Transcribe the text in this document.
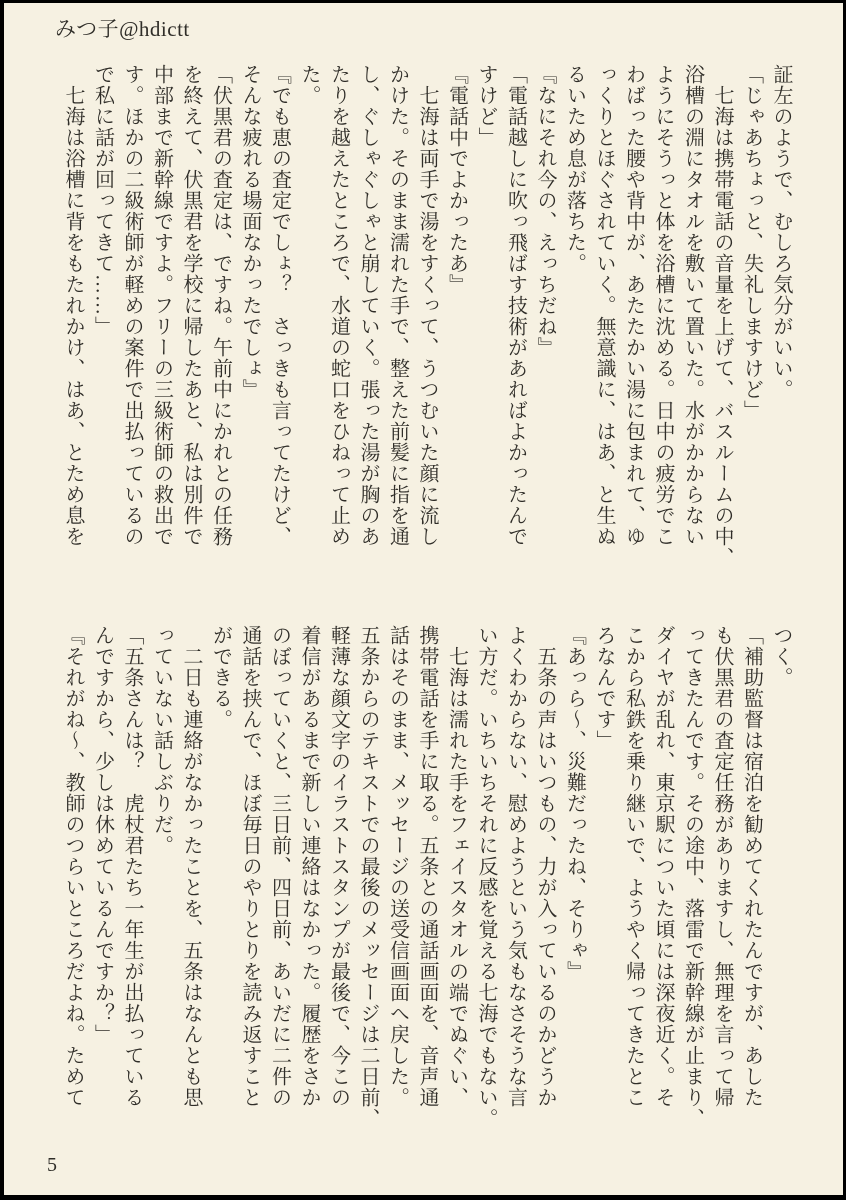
みつ子@hdictt
証左のようで、むしろ気分がいい。
「じゃあちょっと、失礼しますけど」
　七海は携帯電話の音量を上げて、バスルームの中、
浴槽の淵にタオルを敷いて置いた。水がかからない
ようにそうっと体を浴槽に沈める。日中の疲労でこ
わばった腰や背中が、あたたかい湯に包まれて、ゆ
っくりとほぐされていく。無意識に、はあ、と生ぬ
るいため息が落ちた。
『なにそれ今の、えっちだね』
「電話越しに吹っ飛ばす技術があればよかったんで
すけど」
『電話中でよかったあ』
　七海は両手で湯をすくって、うつむいた顔に流し
かけた。そのまま濡れた手で、整えた前髪に指を通
し、ぐしゃぐしゃと崩していく。張った湯が胸のあ
たりを越えたところで、水道の蛇口をひねって止め
た。
『でも恵の査定でしょ？　さっきも言ってたけど、
そんな疲れる場面なかったでしょ』
「伏黒君の査定は、ですね。午前中にかれとの任務
を終えて、伏黒君を学校に帰したあと、私は別件で
中部まで新幹線ですよ。フリーの三級術師の救出で
す。ほかの二級術師が軽めの案件で出払っているの
で私に話が回ってきて……」
　七海は浴槽に背をもたれかけ、はあ、とため息を
つく。
「補助監督は宿泊を勧めてくれたんですが、あした
も伏黒君の査定任務がありますし、無理を言って帰
ってきたんです。その途中、落雷で新幹線が止まり、
ダイヤが乱れ、東京駅についた頃には深夜近く。そ
こから私鉄を乗り継いで、ようやく帰ってきたとこ
ろなんです」
『あっら〜、災難だったね、そりゃ』
　五条の声はいつもの、力が入っているのかどうか
よくわからない、慰めようという気もなさそうな言
い方だ。いちいちそれに反感を覚える七海でもない。
　七海は濡れた手をフェイスタオルの端でぬぐい、
携帯電話を手に取る。五条との通話画面を、音声通
話はそのまま、メッセージの送受信画面へ戻した。
五条からのテキストでの最後のメッセージは二日前、
軽薄な顔文字のイラストスタンプが最後で、今この
着信があるまで新しい連絡はなかった。履歴をさか
のぼっていくと、三日前、四日前、あいだに二件の
通話を挟んで、ほぼ毎日のやりとりを読み返すこと
ができる。
　二日も連絡がなかったことを、五条はなんとも思
っていない話しぶりだ。
「五条さんは？　虎杖君たち一年生が出払っている
んですから、少しは休めているんですか？」
『それがね〜、教師のつらいところだよね。ためて
5
